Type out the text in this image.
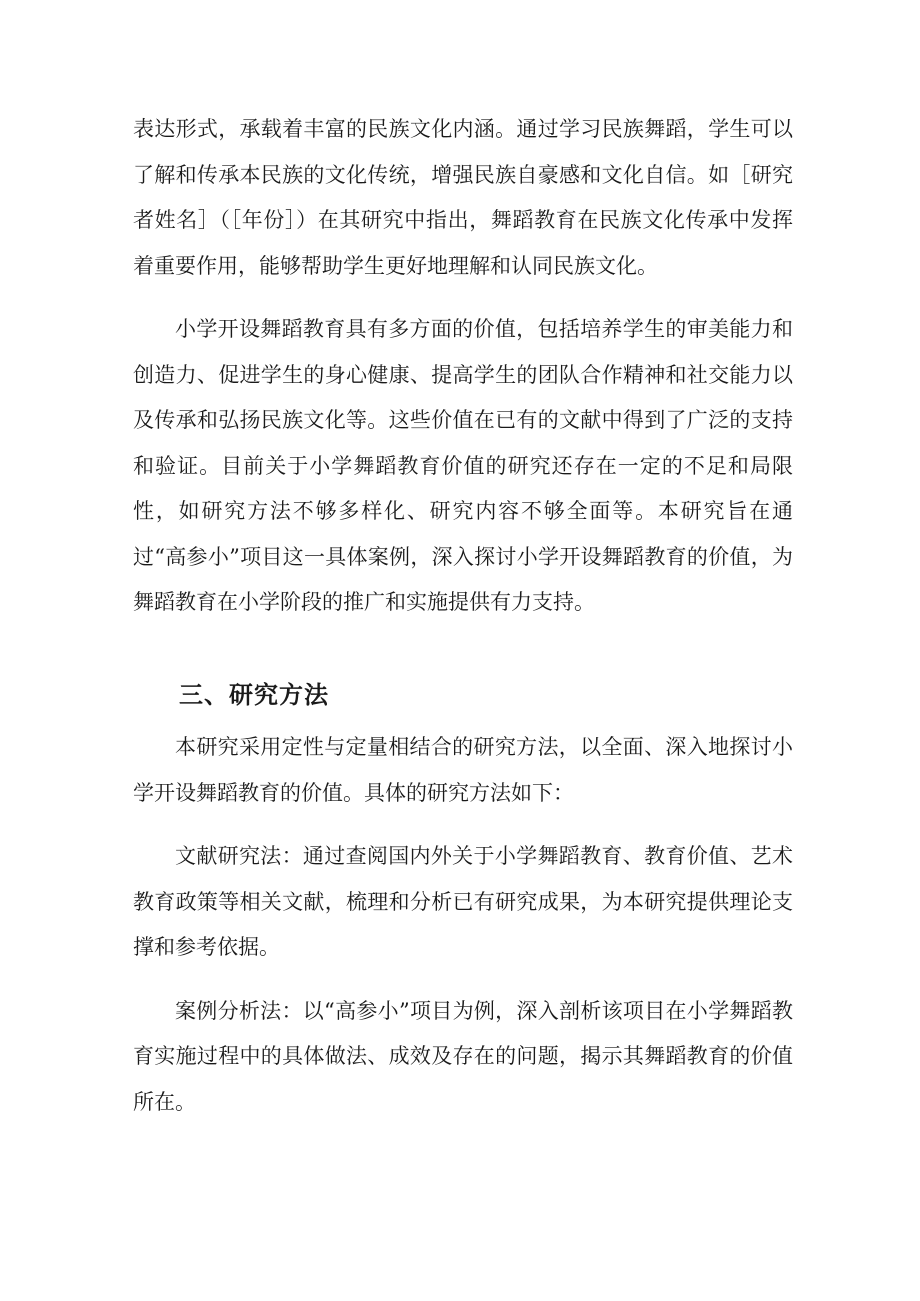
表达形式，承载着丰富的民族文化内涵。通过学习民族舞蹈，学生可以了解和传承本民族的文化传统，增强民族自豪感和文化自信。如［研究者姓名］（［年份］）在其研究中指出，舞蹈教育在民族文化传承中发挥着重要作用，能够帮助学生更好地理解和认同民族文化。

小学开设舞蹈教育具有多方面的价值，包括培养学生的审美能力和创造力、促进学生的身心健康、提高学生的团队合作精神和社交能力以及传承和弘扬民族文化等。这些价值在已有的文献中得到了广泛的支持和验证。目前关于小学舞蹈教育价值的研究还存在一定的不足和局限性，如研究方法不够多样化、研究内容不够全面等。本研究旨在通过“高参小”项目这一具体案例，深入探讨小学开设舞蹈教育的价值，为舞蹈教育在小学阶段的推广和实施提供有力支持。

三、研究方法

本研究采用定性与定量相结合的研究方法，以全面、深入地探讨小学开设舞蹈教育的价值。具体的研究方法如下：

文献研究法：通过查阅国内外关于小学舞蹈教育、教育价值、艺术教育政策等相关文献，梳理和分析已有研究成果，为本研究提供理论支撑和参考依据。

案例分析法：以“高参小”项目为例，深入剖析该项目在小学舞蹈教育实施过程中的具体做法、成效及存在的问题，揭示其舞蹈教育的价值所在。
